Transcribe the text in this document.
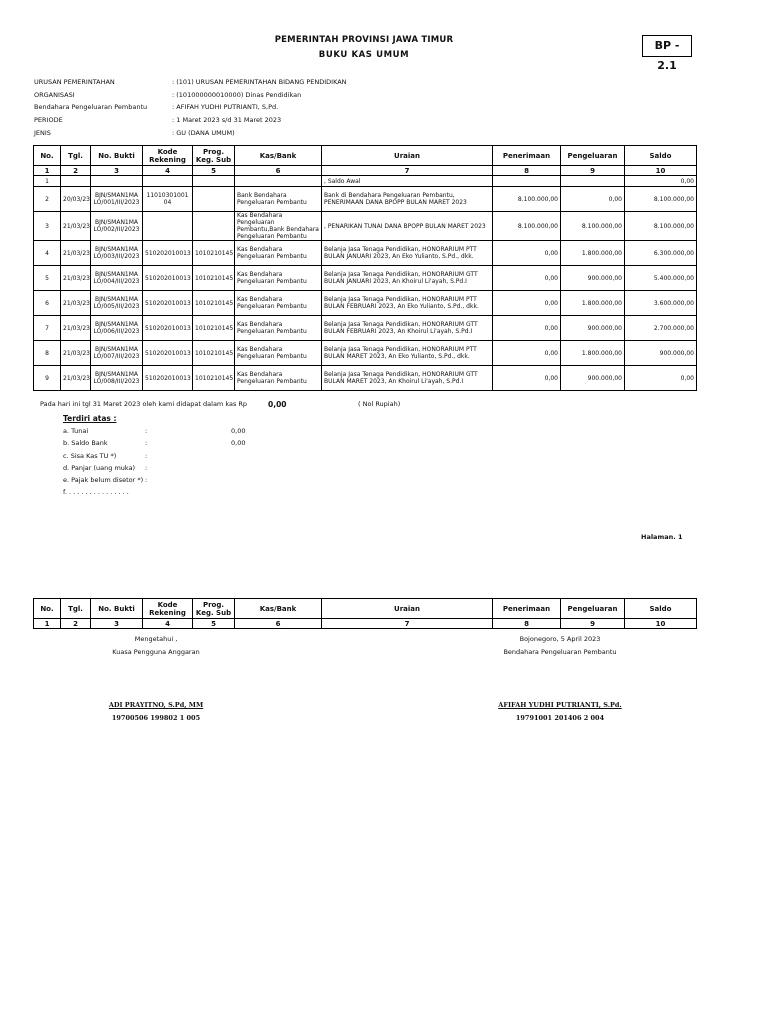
PEMERINTAH PROVINSI JAWA TIMUR
BUKU KAS UMUM
BP - 2.1
URUSAN PEMERINTAHAN	: (101) URUSAN PEMERINTAHAN BIDANG PENDIDIKAN
ORGANISASI	: (101000000010000) Dinas Pendidikan
Bendahara Pengeluaran Pembantu	: AFIFAH YUDHI PUTRIANTI, S,Pd.
PERIODE	: 1 Maret 2023 s/d 31 Maret 2023
JENIS	: GU (DANA UMUM)
No.	Tgl.	No. Bukti	Kode Rekening	Prog. Keg. Sub	Kas/Bank	Uraian	Penerimaan	Pengeluaran	Saldo
1	2	3	4	5	6	7	8	9	10
1						, Saldo Awal			0,00
2	20/03/23	BJN/SMAN1MA LO/001/III/2023	1101030100104		Bank Bendahara Pengeluaran Pembantu	Bank di Bendahara Pengeluaran Pembantu, PENERIMAAN DANA BPOPP BULAN MARET 2023	8.100.000,00	0,00	8.100.000,00
3	21/03/23	BJN/SMAN1MA LO/002/III/2023			Kas Bendahara Pengeluaran Pembantu,Bank Bendahara Pengeluaran Pembantu	, PENARIKAN TUNAI DANA BPOPP BULAN MARET 2023	8.100.000,00	8.100.000,00	8.100.000,00
4	21/03/23	BJN/SMAN1MA LO/003/III/2023	510202010013	1010210145	Kas Bendahara Pengeluaran Pembantu	Belanja Jasa Tenaga Pendidikan, HONORARIUM PTT BULAN JANUARI 2023, An Eko Yulianto, S.Pd., dkk.	0,00	1.800.000,00	6.300.000,00
5	21/03/23	BJN/SMAN1MA LO/004/III/2023	510202010013	1010210145	Kas Bendahara Pengeluaran Pembantu	Belanja Jasa Tenaga Pendidikan, HONORARIUM GTT BULAN JANUARI 2023, An Khoirul Li'ayah, S.Pd.I	0,00	900.000,00	5.400.000,00
6	21/03/23	BJN/SMAN1MA LO/005/III/2023	510202010013	1010210145	Kas Bendahara Pengeluaran Pembantu	Belanja Jasa Tenaga Pendidikan, HONORARIUM PTT BULAN FEBRUARI 2023, An Eko Yulianto, S.Pd., dkk.	0,00	1.800.000,00	3.600.000,00
7	21/03/23	BJN/SMAN1MA LO/006/III/2023	510202010013	1010210145	Kas Bendahara Pengeluaran Pembantu	Belanja Jasa Tenaga Pendidikan, HONORARIUM GTT BULAN FEBRUARI 2023, An Khoirul Li'ayah, S.Pd.I	0,00	900.000,00	2.700.000,00
8	21/03/23	BJN/SMAN1MA LO/007/III/2023	510202010013	1010210145	Kas Bendahara Pengeluaran Pembantu	Belanja Jasa Tenaga Pendidikan, HONORARIUM PTT BULAN MARET 2023, An Eko Yulianto, S.Pd., dkk.	0,00	1.800.000,00	900.000,00
9	21/03/23	BJN/SMAN1MA LO/008/III/2023	510202010013	1010210145	Kas Bendahara Pengeluaran Pembantu	Belanja Jasa Tenaga Pendidikan, HONORARIUM GTT BULAN MARET 2023, An Khoirul Li'ayah, S.Pd.I	0,00	900.000,00	0,00
Pada hari ini tgl 31 Maret 2023 oleh kami didapat dalam kas Rp	0,00	( Nol Rupiah)
Terdiri atas :
a. Tunai	:	0,00
b. Saldo Bank	:	0,00
c. Sisa Kas TU *)	:
d. Panjar (uang muka) :
e. Pajak belum disetor *) :
f. . . . . . . . . . . . . . . .
Halaman. 1
No.	Tgl.	No. Bukti	Kode Rekening	Prog. Keg. Sub	Kas/Bank	Uraian	Penerimaan	Pengeluaran	Saldo
1	2	3	4	5	6	7	8	9	10
Mengetahui ,
Kuasa Pengguna Anggaran
ADI PRAYITNO, S.Pd, MM
19700506 199802 1 005
Bojonegoro, 5 April 2023
Bendahara Pengeluaran Pembantu
AFIFAH YUDHI PUTRIANTI, S.Pd.
19791001 201406 2 004
